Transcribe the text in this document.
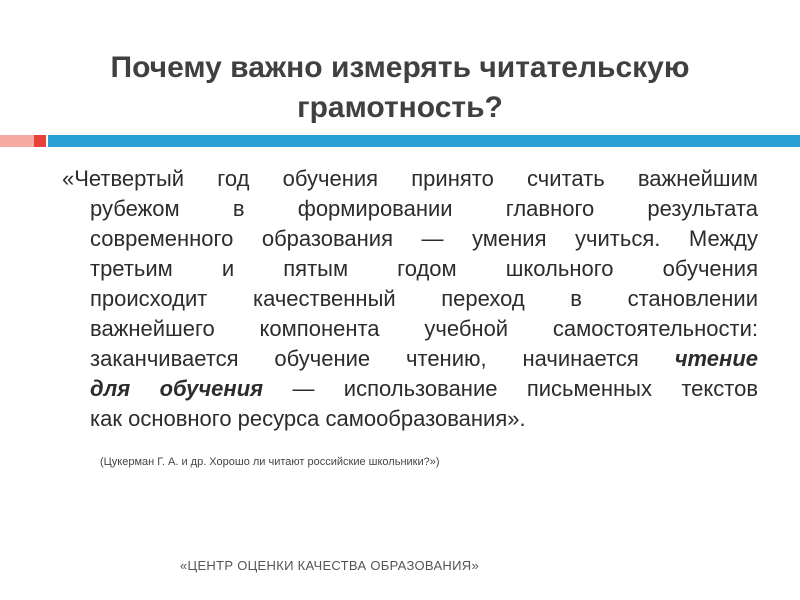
Почему важно измерять читательскую
грамотность?
«Четвертый год обучения принято считать важнейшим
рубежом в формировании главного результата
современного образования — умения учиться. Между
третьим и пятым годом школьного обучения
происходит качественный переход в становлении
важнейшего компонента учебной самостоятельности:
заканчивается обучение чтению, начинается чтение
для обучения — использование письменных текстов
как основного ресурса самообразования».
(Цукерман Г. А. и др. Хорошо ли читают российские школьники?»)
«ЦЕНТР ОЦЕНКИ КАЧЕСТВА ОБРАЗОВАНИЯ»
